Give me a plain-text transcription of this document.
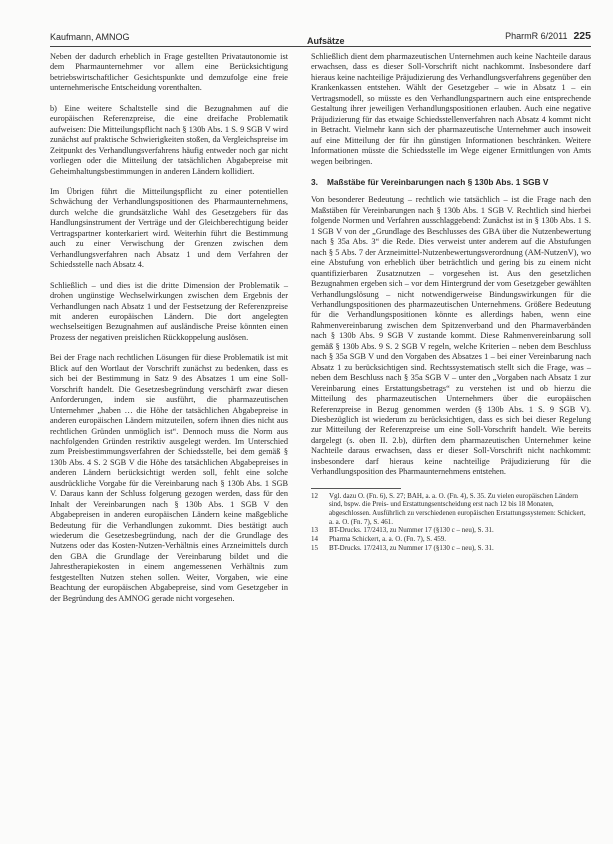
Kaufmann, AMNOG	Aufsätze	PharmR 6/2011 225

Neben der dadurch erheblich in Frage gestellten Privatautonomie ist dem Pharmaunternehmer vor allem eine Berücksichtigung betriebswirtschaftlicher Gesichtspunkte und demzufolge eine freie unternehmerische Entscheidung vorenthalten.

b) Eine weitere Schaltstelle sind die Bezugnahmen auf die europäischen Referenzpreise, die eine dreifache Problematik aufweisen: Die Mitteilungspflicht nach § 130b Abs. 1 S. 9 SGB V wird zunächst auf praktische Schwierigkeiten stoßen, da Vergleichspreise im Zeitpunkt des Verhandlungsverfahrens häufig entweder noch gar nicht vorliegen oder die Mitteilung der tatsächlichen Abgabepreise mit Geheimhaltungsbestimmungen in anderen Ländern kollidiert.

Im Übrigen führt die Mitteilungspflicht zu einer potentiellen Schwächung der Verhandlungspositionen des Pharmaunternehmens, durch welche die grundsätzliche Wahl des Gesetzgebers für das Handlungsinstrument der Verträge und der Gleichberechtigung beider Vertragspartner konterkariert wird. Weiterhin führt die Bestimmung auch zu einer Verwischung der Grenzen zwischen dem Verhandlungsverfahren nach Absatz 1 und dem Verfahren der Schiedsstelle nach Absatz 4.

Schließlich – und dies ist die dritte Dimension der Problematik – drohen ungünstige Wechselwirkungen zwischen dem Ergebnis der Verhandlungen nach Absatz 1 und der Festsetzung der Referenzpreise mit anderen europäischen Ländern. Die dort angelegten wechselseitigen Bezugnahmen auf ausländische Preise könnten einen Prozess der negativen preislichen Rückkoppelung auslösen.

Bei der Frage nach rechtlichen Lösungen für diese Problematik ist mit Blick auf den Wortlaut der Vorschrift zunächst zu bedenken, dass es sich bei der Bestimmung in Satz 9 des Absatzes 1 um eine Soll-Vorschrift handelt. Die Gesetzesbegründung verschärft zwar diesen Anforderungen, indem sie ausführt, die pharmazeutischen Unternehmer „haben … die Höhe der tatsächlichen Abgabepreise in anderen europäischen Ländern mitzuteilen, sofern ihnen dies nicht aus rechtlichen Gründen unmöglich ist“. Dennoch muss die Norm aus nachfolgenden Gründen restriktiv ausgelegt werden. Im Unterschied zum Preisbestimmungsverfahren der Schiedsstelle, bei dem gemäß § 130b Abs. 4 S. 2 SGB V die Höhe des tatsächlichen Abgabepreises in anderen Ländern berücksichtigt werden soll, fehlt eine solche ausdrückliche Vorgabe für die Vereinbarung nach § 130b Abs. 1 SGB V. Daraus kann der Schluss folgerung gezogen werden, dass für den Inhalt der Vereinbarungen nach § 130b Abs. 1 SGB V den Abgabepreisen in anderen europäischen Ländern keine maßgebliche Bedeutung für die Verhandlungen zukommt. Dies bestätigt auch wiederum die Gesetzesbegründung, nach der die Grundlage des Nutzens oder das Kosten-Nutzen-Verhältnis eines Arzneimittels durch den GBA die Grundlage der Vereinbarung bildet und die Jahrestherapiekosten in einem angemessenen Verhältnis zum festgestellten Nutzen stehen sollen. Weiter, Vorgaben, wie eine Beachtung der europäischen Abgabepreise, sind vom Gesetzgeber in der Begründung des AMNOG gerade nicht vorgesehen.

Schließlich dient dem pharmazeutischen Unternehmen auch keine Nachteile daraus erwachsen, dass es dieser Soll-Vorschrift nicht nachkommt. Insbesondere darf hieraus keine nachteilige Präjudizierung des Verhandlungsverfahrens gegenüber den Krankenkassen entstehen. Wählt der Gesetzgeber – wie in Absatz 1 – ein Vertragsmodell, so müsste es den Verhandlungspartnern auch eine entsprechende Gestaltung ihrer jeweiligen Verhandlungspositionen erlauben. Auch eine negative Präjudizierung für das etwaige Schiedsstellenverfahren nach Absatz 4 kommt nicht in Betracht. Vielmehr kann sich der pharmazeutische Unternehmer auch insoweit auf eine Mitteilung der für ihn günstigen Informationen beschränken. Weitere Informationen müsste die Schiedsstelle im Wege eigener Ermittlungen von Amts wegen beibringen.

3.	Maßstäbe für Vereinbarungen nach § 130b Abs. 1 SGB V

Von besonderer Bedeutung – rechtlich wie tatsächlich – ist die Frage nach den Maßstäben für Vereinbarungen nach § 130b Abs. 1 SGB V. Rechtlich sind hierbei folgende Normen und Verfahren ausschlaggebend: Zunächst ist in § 130b Abs. 1 S. 1 SGB V von der „Grundlage des Beschlusses des GBA über die Nutzenbewertung nach § 35a Abs. 3“ die Rede. Dies verweist unter anderem auf die Abstufungen nach § 5 Abs. 7 der Arzneimittel-Nutzenbewertungsverordnung (AM-NutzenV), wo eine Abstufung von erheblich über beträchtlich und gering bis zu einem nicht quantifizierbaren Zusatznutzen – vorgesehen ist. Aus den gesetzlichen Bezugnahmen ergeben sich – vor dem Hintergrund der vom Gesetzgeber gewählten Verhandlungslösung – nicht notwendigerweise Bindungswirkungen für die Verhandlungspositionen des pharmazeutischen Unternehmens. Größere Bedeutung für die Verhandlungspositionen könnte es allerdings haben, wenn eine Rahmenvereinbarung zwischen dem Spitzenverband und den Pharmaverbänden nach § 130b Abs. 9 SGB V zustande kommt. Diese Rahmenvereinbarung soll gemäß § 130b Abs. 9 S. 2 SGB V regeln, welche Kriterien – neben dem Beschluss nach § 35a SGB V und den Vorgaben des Absatzes 1 – bei einer Vereinbarung nach Absatz 1 zu berücksichtigen sind. Rechtssystematisch stellt sich die Frage, was – neben dem Beschluss nach § 35a SGB V – unter den „Vorgaben nach Absatz 1 zur Vereinbarung eines Erstattungsbetrags“ zu verstehen ist und ob hierzu die Mitteilung des pharmazeutischen Unternehmers über die europäischen Referenzpreise in Bezug genommen werden (§ 130b Abs. 1 S. 9 SGB V). Diesbezüglich ist wiederum zu berücksichtigen, dass es sich bei dieser Regelung zur Mitteilung der Referenzpreise um eine Soll-Vorschrift handelt. Wie bereits dargelegt (s. oben II. 2.b), dürften dem pharmazeutischen Unternehmer keine Nachteile daraus erwachsen, dass er dieser Soll-Vorschrift nicht nachkommt: insbesondere darf hieraus keine nachteilige Präjudizierung für die Verhandlungsposition des Pharmaunternehmens entstehen.

12	Vgl. dazu O. (Fn. 6), S. 27; BAH, a. a. O. (Fn. 4), S. 35. Zu vielen europäischen Ländern sind, bspw. die Preis- und Erstattungsentscheidung erst nach 12 bis 18 Monaten, abgeschlossen. Ausführlich zu verschiedenen europäischen Erstattungssystemen: Schickert, a. a. O. (Fn. 7), S. 461.
13	BT-Drucks. 17/2413, zu Nummer 17 (§130 c – neu), S. 31.
14	Pharma Schickert, a. a. O. (Fn. 7), S. 459.
15	BT-Drucks. 17/2413, zu Nummer 17 (§130 c – neu), S. 31.
